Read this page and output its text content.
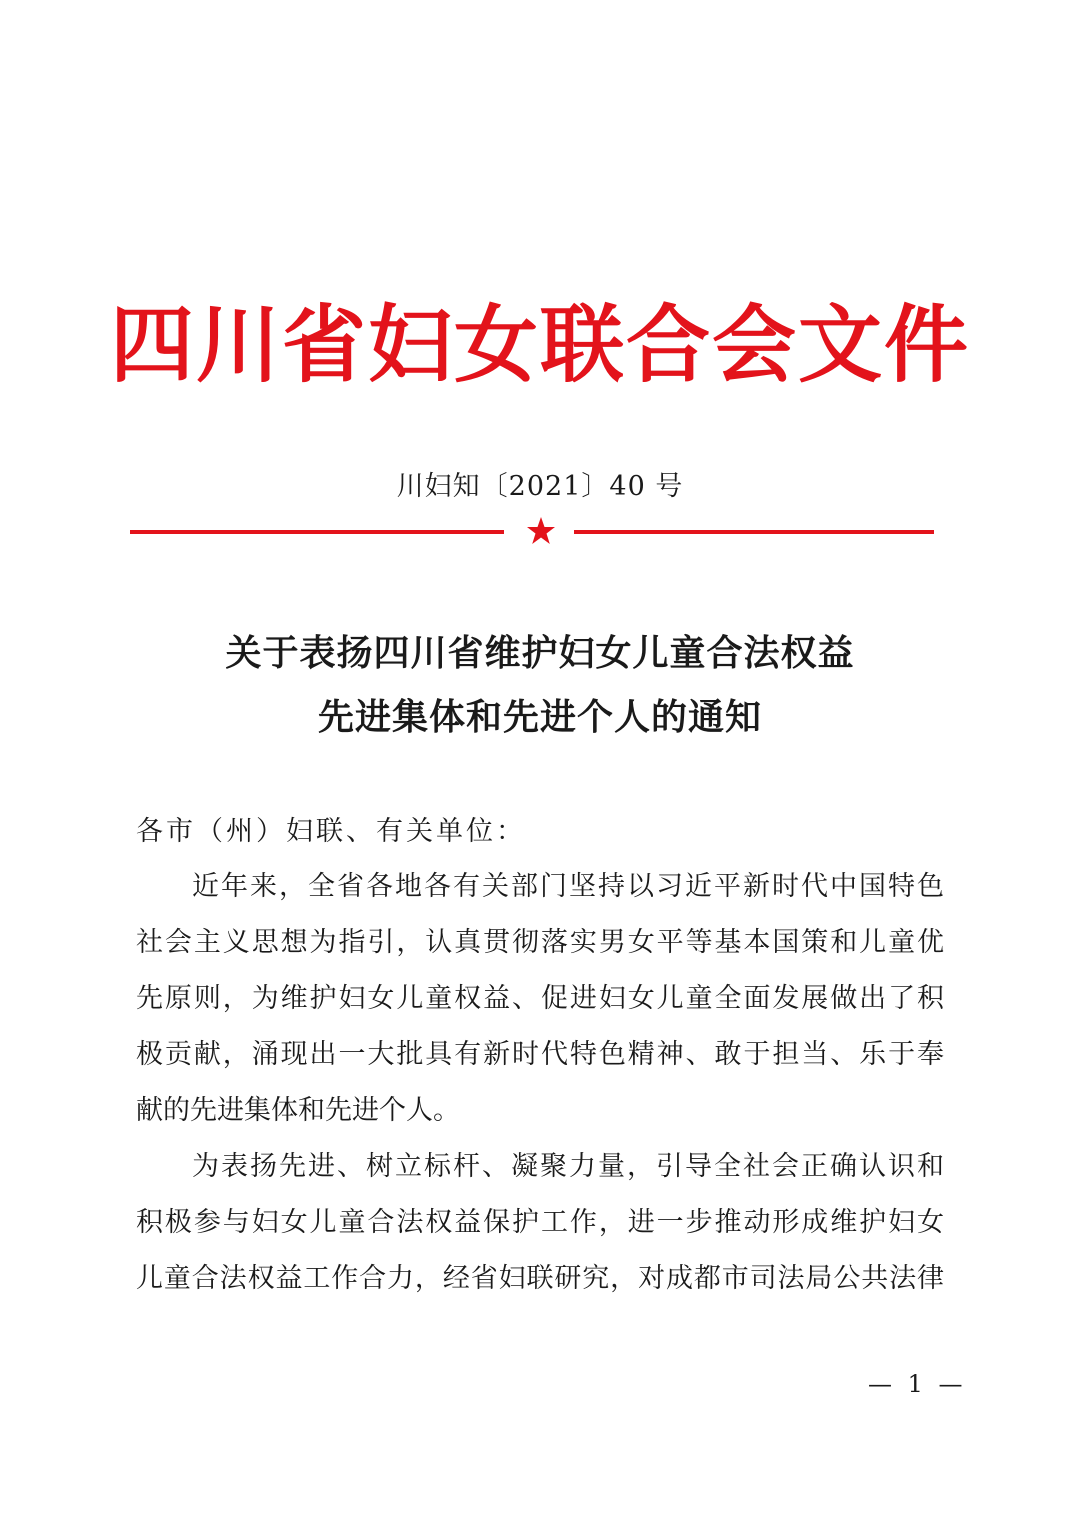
四川省妇女联合会文件
川妇知〔2021〕40 号
关于表扬四川省维护妇女儿童合法权益
先进集体和先进个人的通知
各市（州）妇联、有关单位：
近年来，全省各地各有关部门坚持以习近平新时代中国特色
社会主义思想为指引，认真贯彻落实男女平等基本国策和儿童优
先原则，为维护妇女儿童权益、促进妇女儿童全面发展做出了积
极贡献，涌现出一大批具有新时代特色精神、敢于担当、乐于奉
献的先进集体和先进个人。
为表扬先进、树立标杆、凝聚力量，引导全社会正确认识和
积极参与妇女儿童合法权益保护工作，进一步推动形成维护妇女
儿童合法权益工作合力，经省妇联研究，对成都市司法局公共法律
— 1 —
